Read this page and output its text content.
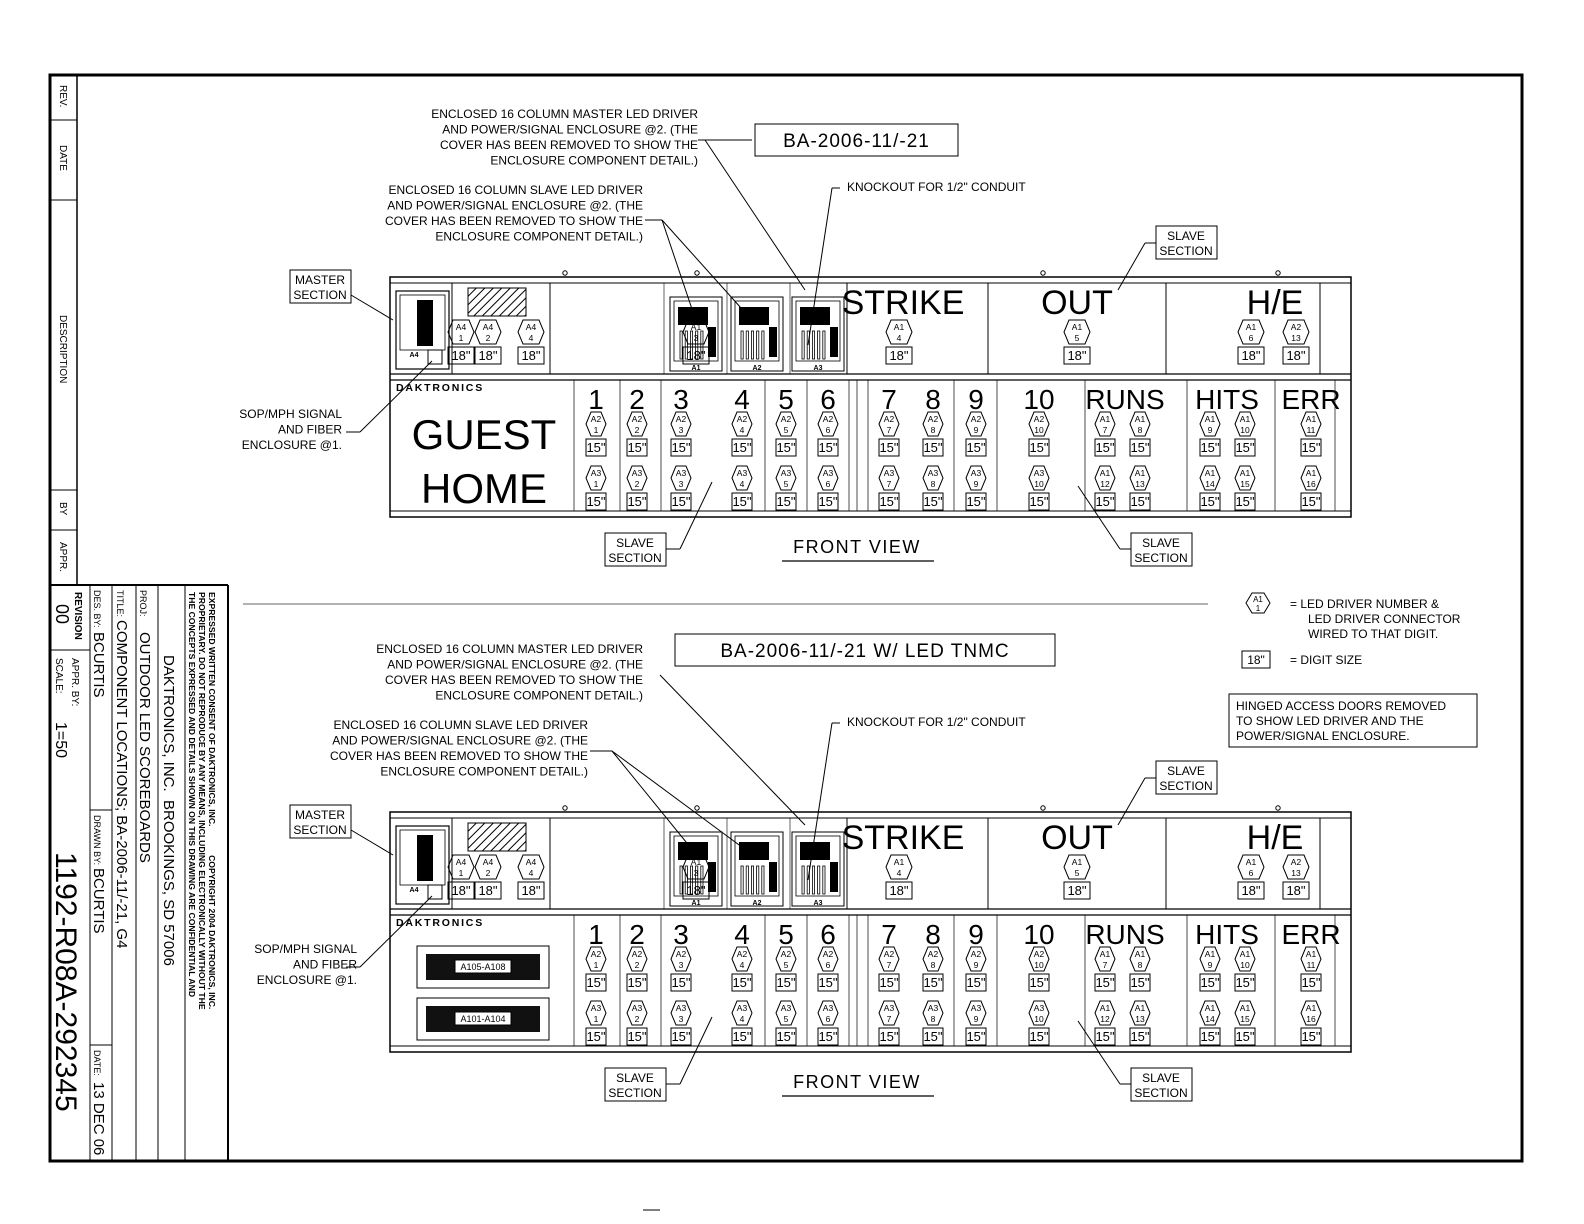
REV.
DATE
DESCRIPTION
BY
APPR.
REVISION
00
SCALE:
1=50
APPR. BY:
1192-R08A-292345
DES. BY:
BCURTIS
DRAWN BY:
BCURTIS
DATE:
13 DEC 06
TITLE:
COMPONENT LOCATIONS; BA-2006-11/-21, G4
PROJ:
OUTDOOR LED SCOREBOARDS DAKTRONICS, INC.  BROOKINGS, SD 57006 THE CONCEPTS EXPRESSED AND DETAILS SHOWN ON THIS DRAWING ARE CONFIDENTIAL AND PROPRIETARY. DO NOT REPRODUCE BY ANY MEANS, INCLUDING ELECTRONICALLY WITHOUT THE EXPRESSED WRITTEN CONSENT OF DAKTRONICS, INC.            COPYRIGHT 2004 DAKTRONICS, INC.	A1
1 = LED DRIVER NUMBER &
LED DRIVER CONNECTOR
WIRED TO THAT DIGIT.
18" = DIGIT SIZE
HINGED ACCESS DOORS REMOVED
TO SHOW LED DRIVER AND THE
POWER/SIGNAL ENCLOSURE.
BA-2006-11/-21
ENCLOSED 16 COLUMN MASTER LED DRIVER
AND POWER/SIGNAL ENCLOSURE @2. (THE
COVER HAS BEEN REMOVED TO SHOW THE
ENCLOSURE COMPONENT DETAIL.)
ENCLOSED 16 COLUMN SLAVE LED DRIVER
AND POWER/SIGNAL ENCLOSURE @2. (THE
COVER HAS BEEN REMOVED TO SHOW THE
ENCLOSURE COMPONENT DETAIL.)
KNOCKOUT FOR 1/2" CONDUIT
SOP/MPH SIGNAL
AND FIBER
ENCLOSURE @1.
MASTER
SECTION
SLAVE
SECTION
SLAVE
SECTION
SLAVE
SECTION
FRONT VIEW
A4
A1	A2	A3
STRIKE OUT	H/E
A4
1
18"
A4
2
18"
A4
4
18"
A1
3
18"
A1
4
18"
A1
5
18"
A1
6
18"
A2
13
18"
DAKTRONICS	1 2 3 4 5 6 7 8 9 10 RUNS HITS ERR
GUEST
HOME
A2
1
15"
A2
2
15"
A2
3
15"
A2
4
15"
A2
5
15"
A2
6
15"
A2
7
15"
A2
8
15"
A2
9
15"
A2
10
15"
A1
7
15"
A1
8
15"
A1
9
15"
A1
10
15"
A1
11
15"
A3
1
15"
A3
2
15"
A3
3
15"
A3
4
15"
A3
5
15"
A3
6
15"
A3
7
15"
A3
8
15"
A3
9
15"
A3
10
15"
A1
12
15"
A1
13
15"
A1
14
15"
A1
15
15"
A1
16
15"
BA-2006-11/-21 W/ LED TNMC
ENCLOSED 16 COLUMN MASTER LED DRIVER
AND POWER/SIGNAL ENCLOSURE @2. (THE
COVER HAS BEEN REMOVED TO SHOW THE
ENCLOSURE COMPONENT DETAIL.)
ENCLOSED 16 COLUMN SLAVE LED DRIVER
AND POWER/SIGNAL ENCLOSURE @2. (THE
COVER HAS BEEN REMOVED TO SHOW THE
ENCLOSURE COMPONENT DETAIL.)
KNOCKOUT FOR 1/2" CONDUIT
SOP/MPH SIGNAL
AND FIBER
ENCLOSURE @1.
MASTER
SECTION
SLAVE
SECTION
SLAVE
SECTION
SLAVE
SECTION
FRONT VIEW
A4
A1	A2	A3
STRIKE OUT	H/E
A4
1
18"
A4
2
18"
A4
4
18"
A1
3
18"
A1
4
18"
A1
5
18"
A1
6
18"
A2
13
18"
DAKTRONICS	1 2 3 4 5 6 7 8 9 10 RUNS HITS ERR
A105-A108
A101-A104
A2
1
15"
A2
2
15"
A2
3
15"
A2
4
15"
A2
5
15"
A2
6
15"
A2
7
15"
A2
8
15"
A2
9
15"
A2
10
15"
A1
7
15"
A1
8
15"
A1
9
15"
A1
10
15"
A1
11
15"
A3
1
15"
A3
2
15"
A3
3
15"
A3
4
15"
A3
5
15"
A3
6
15"
A3
7
15"
A3
8
15"
A3
9
15"
A3
10
15"
A1
12
15"
A1
13
15"
A1
14
15"
A1
15
15"
A1
16
15"
